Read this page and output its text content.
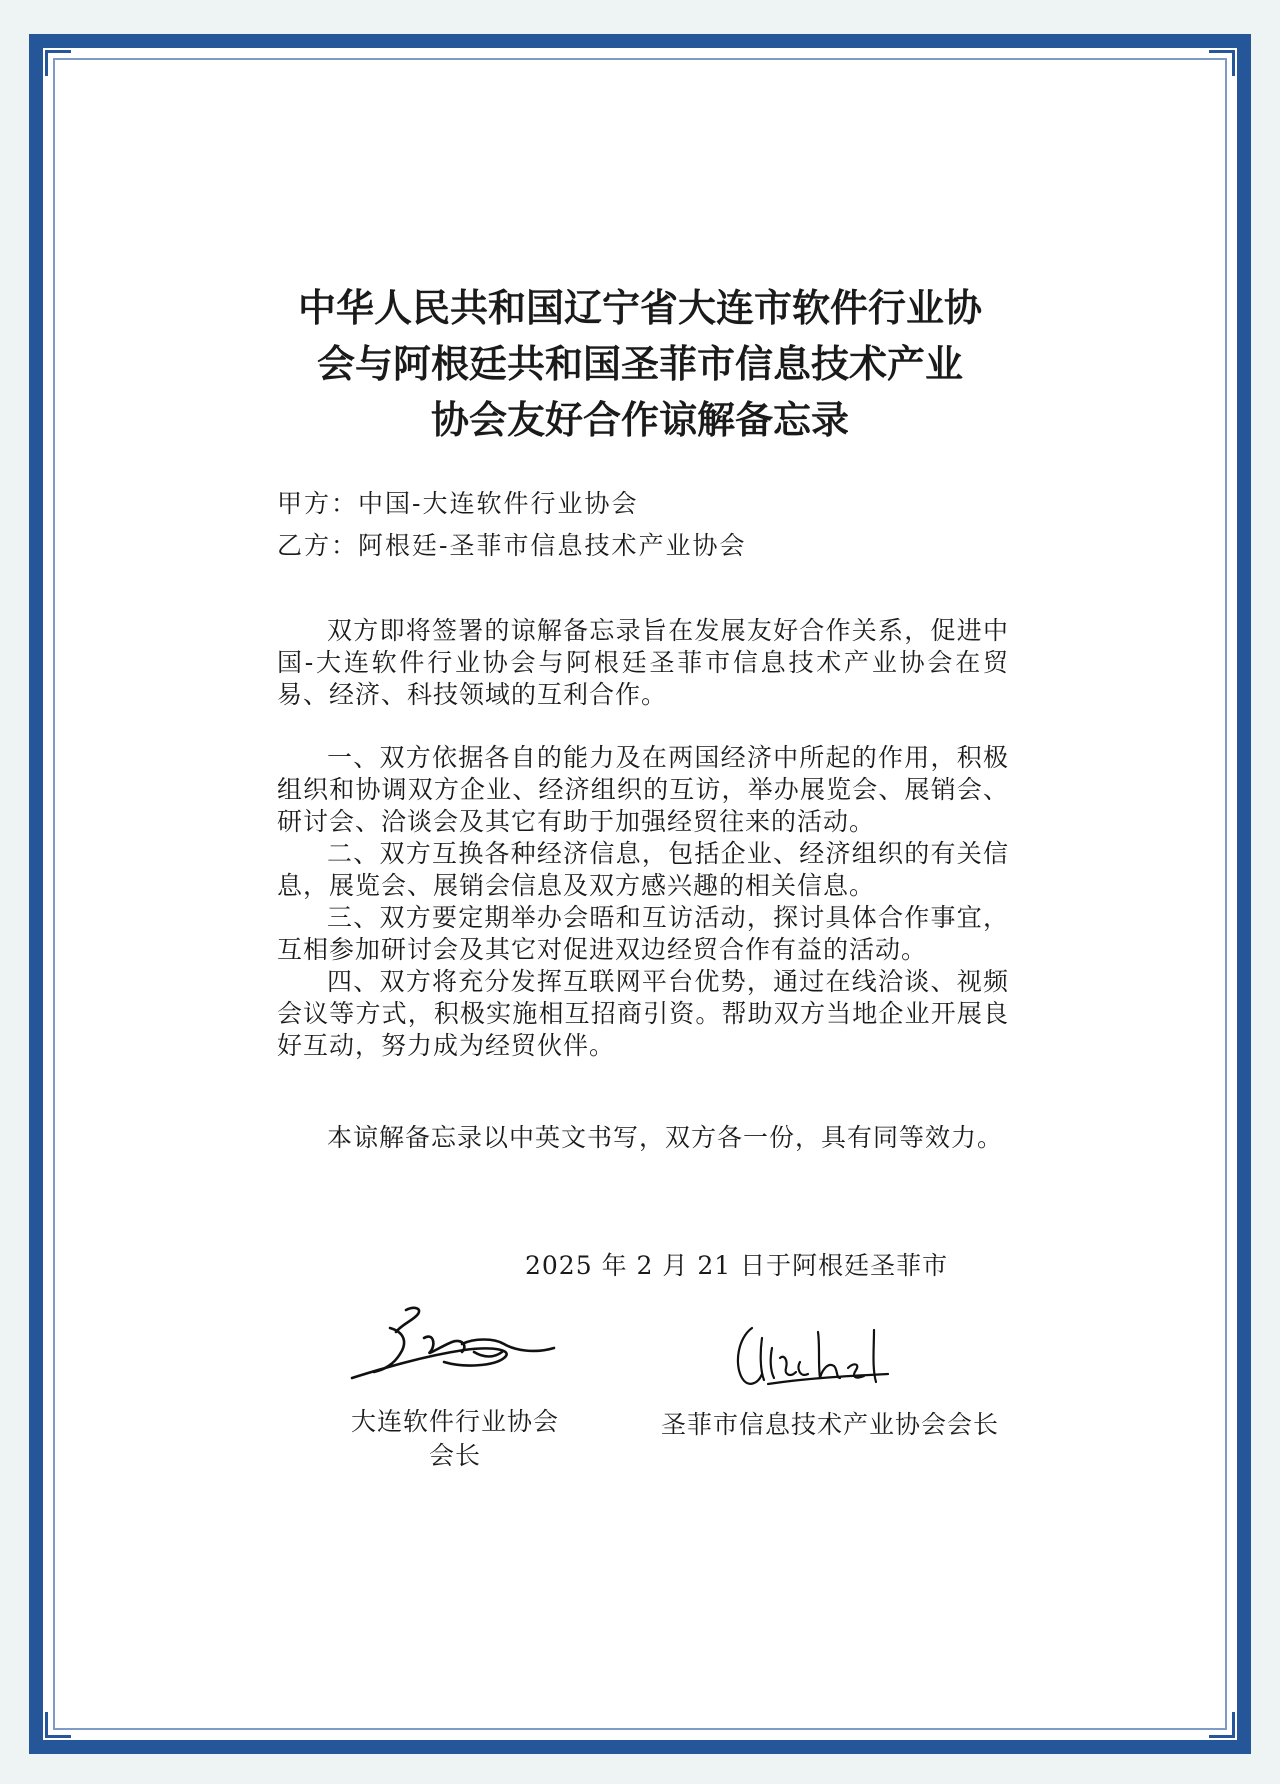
中华人民共和国辽宁省大连市软件行业协
会与阿根廷共和国圣菲市信息技术产业
协会友好合作谅解备忘录

甲方：中国-大连软件行业协会

乙方：阿根廷-圣菲市信息技术产业协会

双方即将签署的谅解备忘录旨在发展友好合作关系，促进中国-大连软件行业协会与阿根廷圣菲市信息技术产业协会在贸易、经济、科技领域的互利合作。

一、双方依据各自的能力及在两国经济中所起的作用，积极组织和协调双方企业、经济组织的互访，举办展览会、展销会、研讨会、洽谈会及其它有助于加强经贸往来的活动。
二、双方互换各种经济信息，包括企业、经济组织的有关信息，展览会、展销会信息及双方感兴趣的相关信息。
三、双方要定期举办会晤和互访活动，探讨具体合作事宜，互相参加研讨会及其它对促进双边经贸合作有益的活动。
四、双方将充分发挥互联网平台优势，通过在线洽谈、视频会议等方式，积极实施相互招商引资。帮助双方当地企业开展良好互动，努力成为经贸伙伴。

本谅解备忘录以中英文书写，双方各一份，具有同等效力。

2025 年 2 月 21 日于阿根廷圣菲市

大连软件行业协会
会长

圣菲市信息技术产业协会会长
